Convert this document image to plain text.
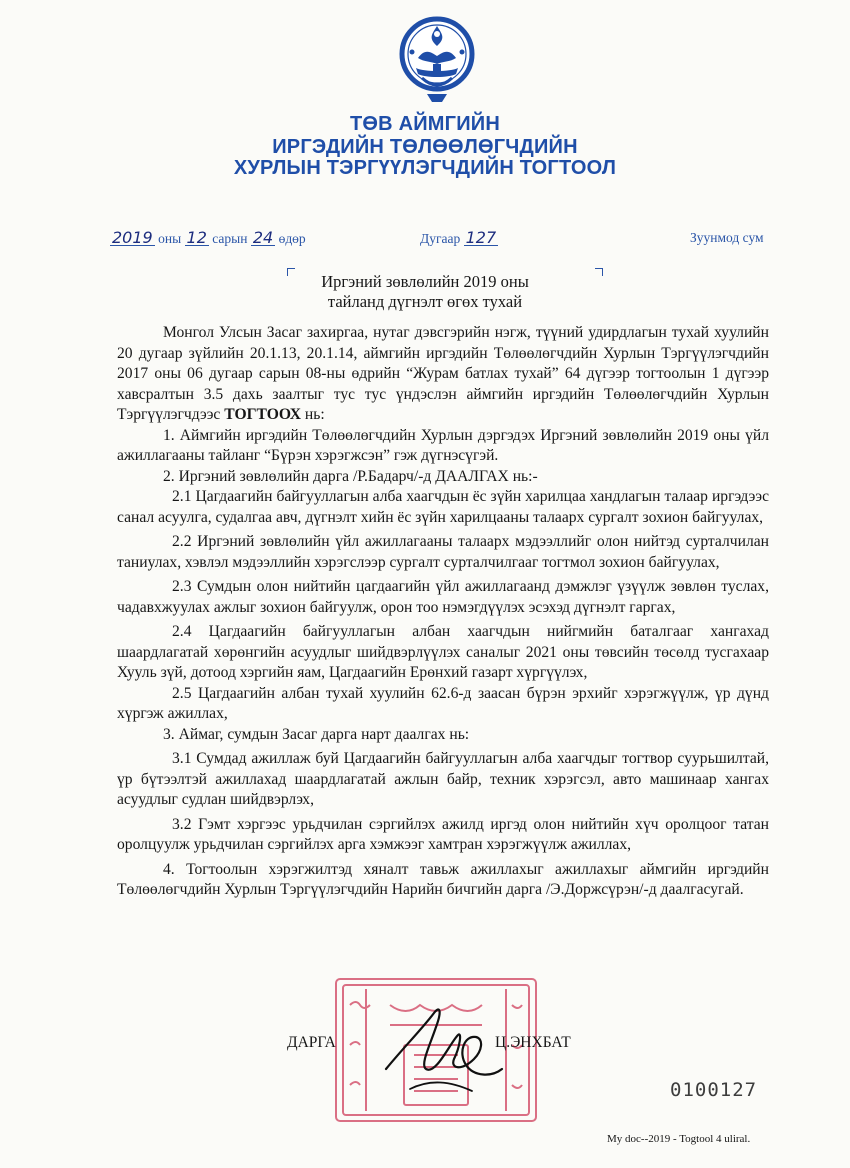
ТӨВ АЙМГИЙН
ИРГЭДИЙН ТӨЛӨӨЛӨГЧДИЙН
ХУРЛЫН ТЭРГҮҮЛЭГЧДИЙН ТОГТООЛ
2019 оны 12 сарын 24 өдөр	Дугаар 127	Зуунмод сум
Иргэний зөвлөлийн 2019 оны
тайланд дүгнэлт өгөх тухай

Монгол Улсын Засаг захиргаа, нутаг дэвсгэрийн нэгж, түүний удирдлагын тухай хуулийн 20 дугаар зүйлийн 20.1.13, 20.1.14, аймгийн иргэдийн Төлөөлөгчдийн Хурлын Тэргүүлэгчдийн 2017 оны 06 дугаар сарын 08-ны өдрийн “Журам батлах тухай” 64 дүгээр тогтоолын 1 дүгээр хавсралтын 3.5 дахь заалтыг тус тус үндэслэн аймгийн иргэдийн Төлөөлөгчдийн Хурлын Тэргүүлэгчдээс ТОГТООХ нь:

1. Аймгийн иргэдийн Төлөөлөгчдийн Хурлын дэргэдэх Иргэний зөвлөлийн 2019 оны үйл ажиллагааны тайланг “Бүрэн хэрэгжсэн” гэж дүгнэсүгэй.

2. Иргэний зөвлөлийн дарга /Р.Бадарч/-д ДААЛГАХ нь:-

2.1 Цагдаагийн байгууллагын алба хаагчдын ёс зүйн харилцаа хандлагын талаар иргэдээс санал асуулга, судалгаа авч, дүгнэлт хийн ёс зүйн харилцааны талаарх сургалт зохион байгуулах,

2.2 Иргэний зөвлөлийн үйл ажиллагааны талаарх мэдээллийг олон нийтэд сурталчилан таниулах, хэвлэл мэдээллийн хэрэгслээр сургалт сурталчилгааг тогтмол зохион байгуулах,

2.3 Сумдын олон нийтийн цагдаагийн үйл ажиллагаанд дэмжлэг үзүүлж зөвлөн туслах, чадавхжуулах ажлыг зохион байгуулж, орон тоо нэмэгдүүлэх эсэхэд дүгнэлт гаргах,

2.4 Цагдаагийн байгууллагын албан хаагчдын нийгмийн баталгааг хангахад шаардлагатай хөрөнгийн асуудлыг шийдвэрлүүлэх саналыг 2021 оны төвсийн төсөлд тусгахаар Хууль зүй, дотоод хэргийн яам, Цагдаагийн Ерөнхий газарт хүргүүлэх,

2.5 Цагдаагийн албан тухай хуулийн 62.6-д заасан бүрэн эрхийг хэрэгжүүлж, үр дүнд хүргэж ажиллах,

3. Аймаг, сумдын Засаг дарга нарт даалгах нь:

3.1 Сумдад ажиллаж буй Цагдаагийн байгууллагын алба хаагчдыг тогтвор суурьшилтай, үр бүтээлтэй ажиллахад шаардлагатай ажлын байр, техник хэрэгсэл, авто машинаар хангах асуудлыг судлан шийдвэрлэх,

3.2 Гэмт хэргээс урьдчилан сэргийлэх ажилд иргэд олон нийтийн хүч оролцоог татан оролцуулж урьдчилан сэргийлэх арга хэмжээг хамтран хэрэгжүүлж ажиллах,

4. Тогтоолын хэрэгжилтэд хяналт тавьж ажиллахыг ажиллахыг аймгийн иргэдийн Төлөөлөгчдийн Хурлын Тэргүүлэгчдийн Нарийн бичгийн дарга /Э.Доржсүрэн/-д даалгасугай.

ДАРГА	Ц.ЭНХБАТ
0100127
My doc--2019 - Togtool 4 uliral.
